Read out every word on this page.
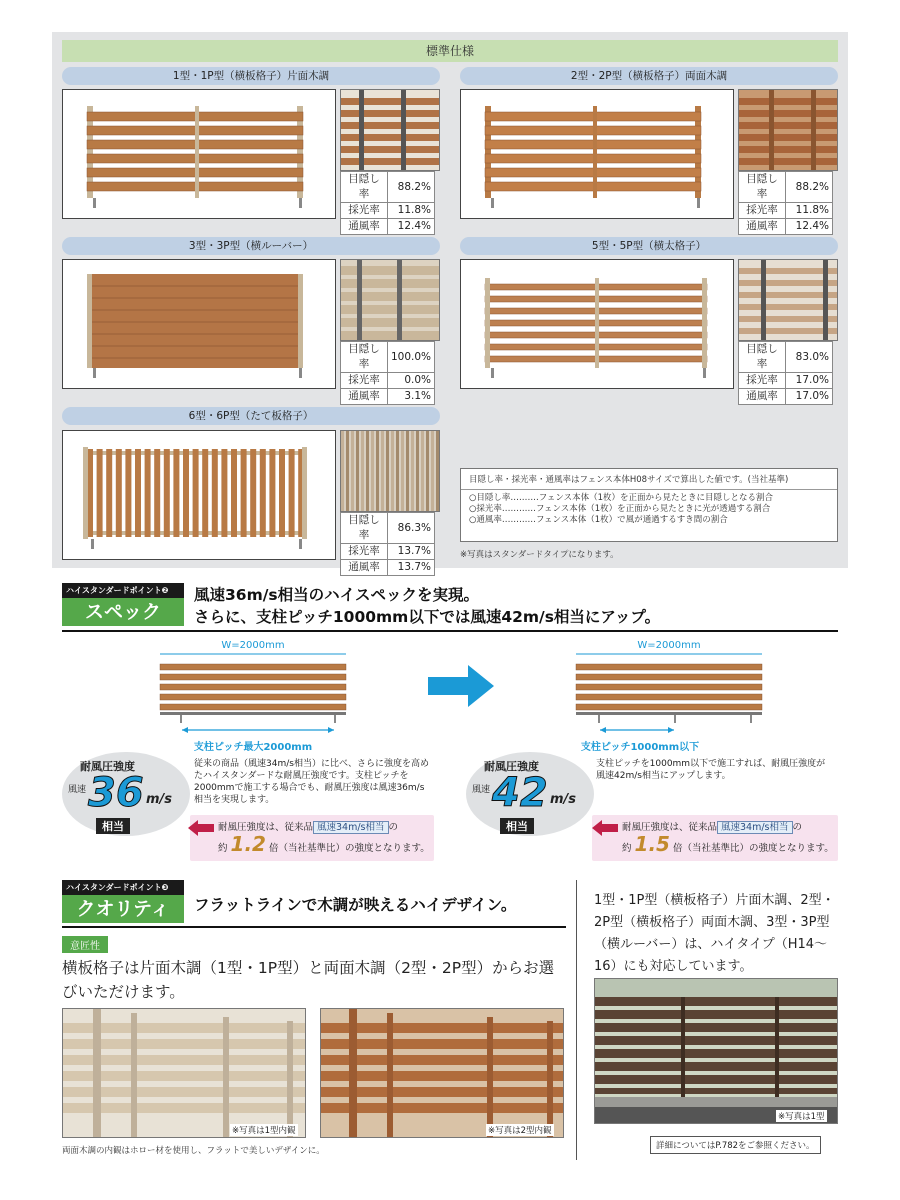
標準仕様
1型・1P型（横板格子）片面木調
目隠し率	88.2%
採光率	11.8%
通風率	12.4%
2型・2P型（横板格子）両面木調
目隠し率	88.2%
採光率	11.8%
通風率	12.4%
3型・3P型（横ルーバー）
目隠し率	100.0%
採光率	0.0%
通風率	3.1%
5型・5P型（横太格子）
目隠し率	83.0%
採光率	17.0%
通風率	17.0%
6型・6P型（たて板格子）
目隠し率	86.3%
採光率	13.7%
通風率	13.7%
目隠し率・採光率・通風率はフェンス本体H08サイズで算出した値です。(当社基準)
○目隠し率‥‥‥‥‥フェンス本体（1枚）を正面から見たときに目隠しとなる割合
○採光率‥‥‥‥‥‥フェンス本体（1枚）を正面から見たときに光が透過する割合
○通風率‥‥‥‥‥‥フェンス本体（1枚）で風が通過するすき間の割合
※写真はスタンダードタイプになります。
ハイスタンダードポイント❷
スペック
風速36m/s相当のハイスペックを実現。
さらに、支柱ピッチ1000mm以下では風速42m/s相当にアップ。
W=2000mm
支柱ピッチ最大2000mm
W=2000mm
支柱ピッチ1000mm以下
耐風圧強度
風速 36 m/s
相当
従来の商品（風速34m/s相当）に比べ、さらに強度を高めたハイスタンダードな耐風圧強度です。支柱ピッチを2000mmで施工する場合でも、耐風圧強度は風速36m/s相当を実現します。
耐風圧強度は、従来品 風速34m/s相当 の
約 1.2 倍（当社基準比）の強度となります。
耐風圧強度
風速 42 m/s
相当
支柱ピッチを1000mm以下で施工すれば、耐風圧強度が風速42m/s相当にアップします。
耐風圧強度は、従来品 風速34m/s相当 の
約 1.5 倍（当社基準比）の強度となります。
ハイスタンダードポイント❸
クオリティ	フラットラインで木調が映えるハイデザイン。
意匠性
横板格子は片面木調（1型・1P型）と両面木調（2型・2P型）からお選びいただけます。
※写真は1型内観	※写真は2型内観
両面木調の内観はホロー材を使用し、フラットで美しいデザインに。
1型・1P型（横板格子）片面木調、2型・2P型（横板格子）両面木調、3型・3P型（横ルーバー）は、ハイタイプ（H14〜16）にも対応しています。
※写真は1型
詳細についてはP.782をご参照ください。
